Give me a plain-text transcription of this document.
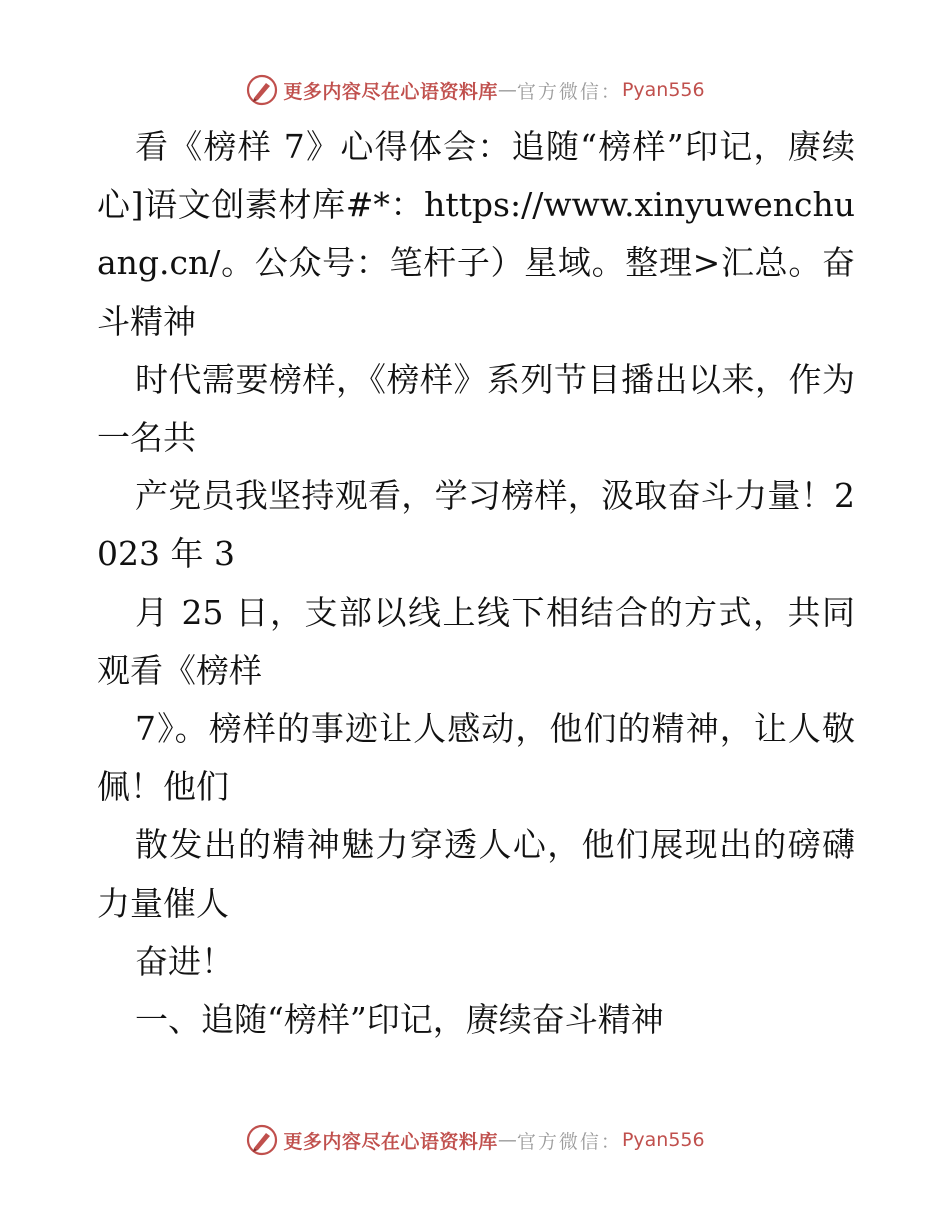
更多内容尽在心语资料库 — 官方微信： Pyan556

看《榜样 7》心得体会：追随“榜样”印记，赓续心]语文创素材库#*：https://www.xinyuwenchuang.cn/。公众号：笔杆子）星域。整理>汇总。奋斗精神

时代需要榜样，《榜样》系列节目播出以来，作为一名共

产党员我坚持观看，学习榜样，汲取奋斗力量！2023 年 3

月 25 日，支部以线上线下相结合的方式，共同观看《榜样

7》。榜样的事迹让人感动，他们的精神，让人敬佩！他们

散发出的精神魅力穿透人心，他们展现出的磅礴力量催人

奋进！

一、追随“榜样”印记，赓续奋斗精神

更多内容尽在心语资料库 — 官方微信： Pyan556
